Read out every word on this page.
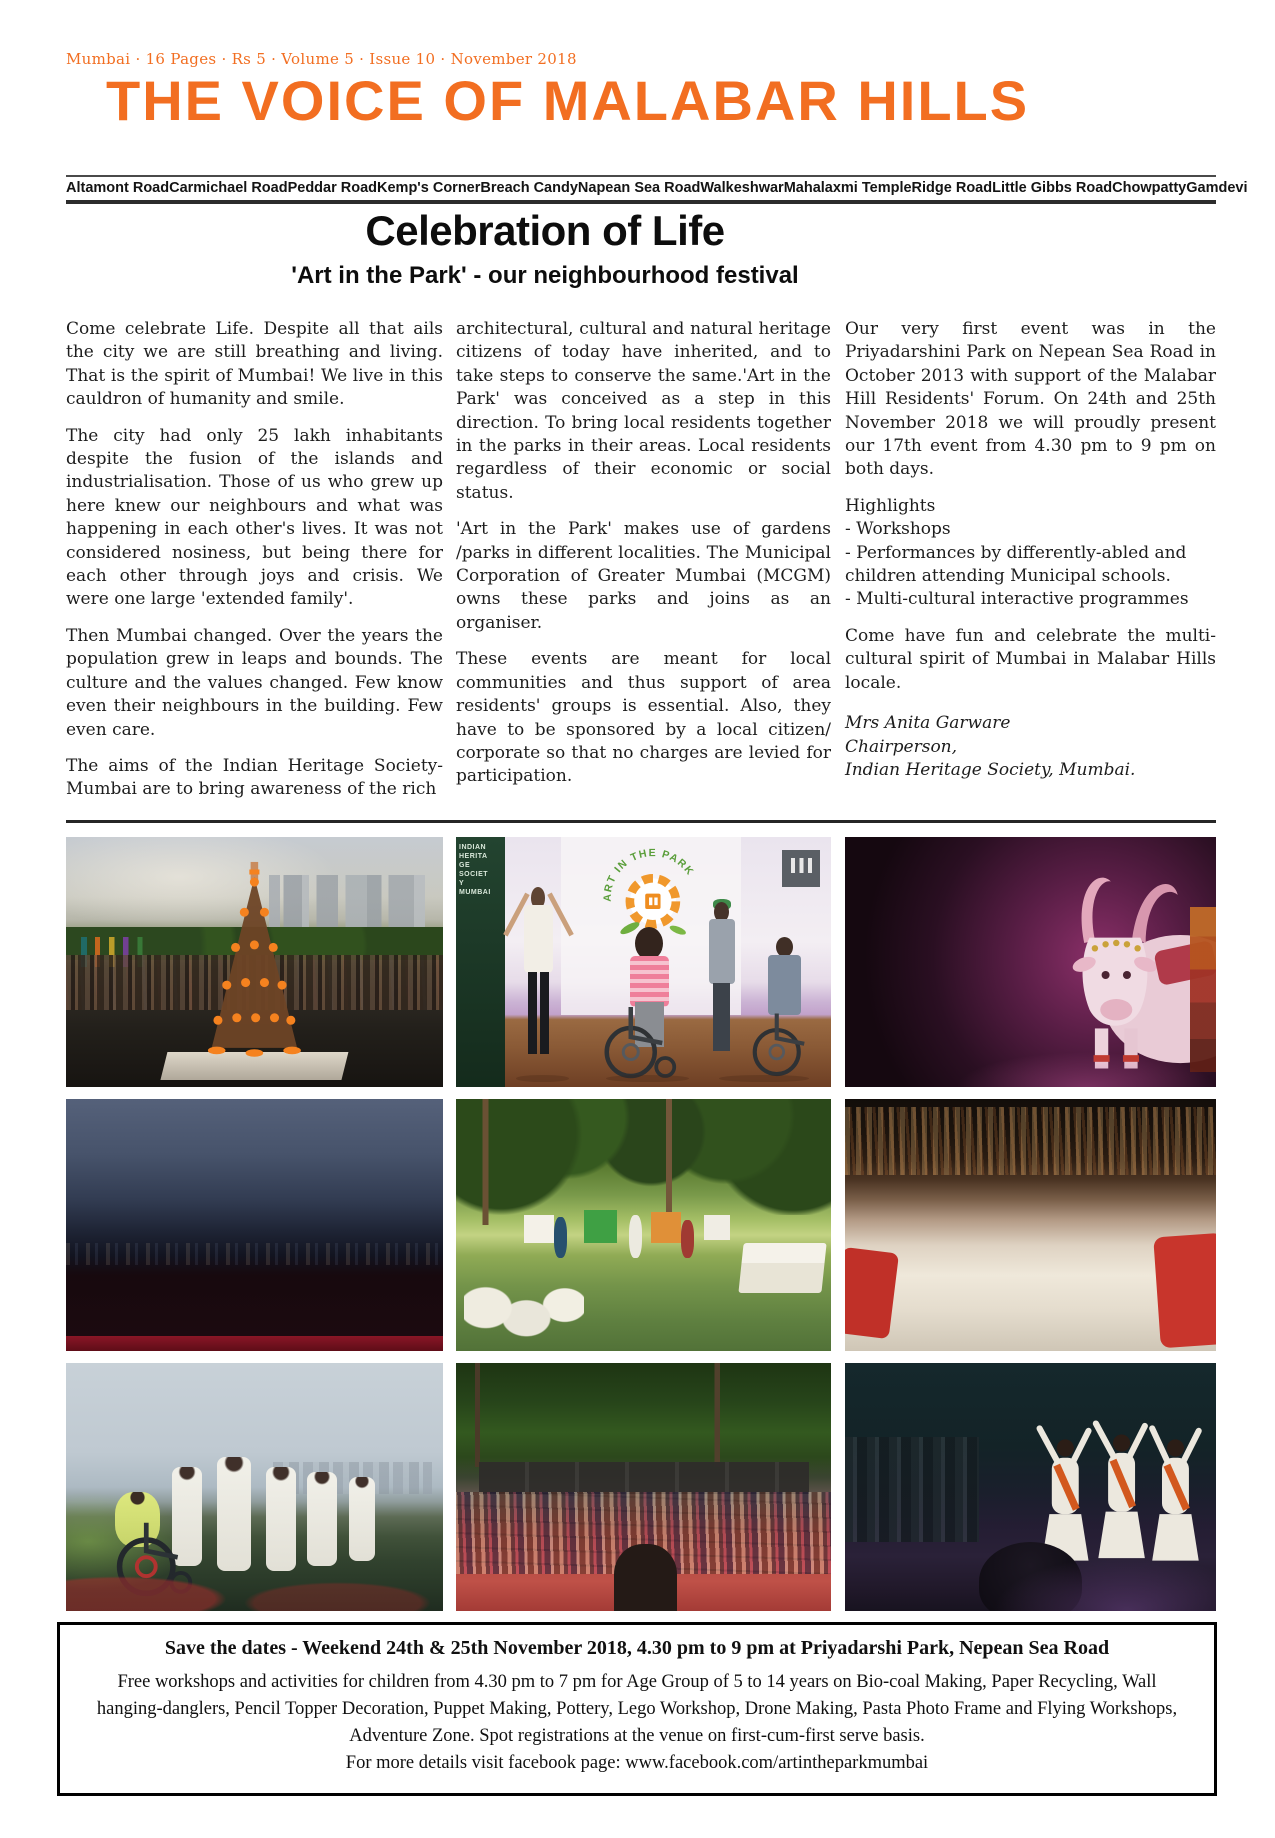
Mumbai · 16 Pages · Rs 5 · Volume 5 · Issue 10 · November 2018
THE VOICE OF MALABAR HILLS
Altamont Road Carmichael Road Peddar Road Kemp's Corner Breach Candy Napean Sea Road Walkeshwar Mahalaxmi Temple Ridge Road Little Gibbs Road Chowpatty Gamdevi
Celebration of Life
'Art in the Park' - our neighbourhood festival

Come celebrate Life. Despite all that ails the city we are still breathing and living. That is the spirit of Mumbai! We live in this cauldron of humanity and smile.

The city had only 25 lakh inhabitants despite the fusion of the islands and industrialisation. Those of us who grew up here knew our neighbours and what was happening in each other's lives. It was not considered nosiness, but being there for each other through joys and crisis. We were one large 'extended family'.

Then Mumbai changed. Over the years the population grew in leaps and bounds. The culture and the values changed. Few know even their neighbours in the building. Few even care.

The aims of the Indian Heritage Society-Mumbai are to bring awareness of the rich

architectural, cultural and natural heritage citizens of today have inherited, and to take steps to conserve the same.'Art in the Park' was conceived as a step in this direction. To bring local residents together in the parks in their areas. Local residents regardless of their economic or social status.

'Art in the Park' makes use of gardens /parks in different localities. The Municipal Corporation of Greater Mumbai (MCGM) owns these parks and joins as an organiser.

These events are meant for local communities and thus support of area residents' groups is essential. Also, they have to be sponsored by a local citizen/ corporate so that no charges are levied for participation.

Our very first event was in the Priyadarshini Park on Nepean Sea Road in October 2013 with support of the Malabar Hill Residents' Forum. On 24th and 25th November 2018 we will proudly present our 17th event from 4.30 pm to 9 pm on both days.

Highlights
- Workshops
- Performances by differently-abled and children attending Municipal schools.
- Multi-cultural interactive programmes

Come have fun and celebrate the multi-cultural spirit of Mumbai in Malabar Hills locale.

Mrs Anita Garware
Chairperson,
Indian Heritage Society, Mumbai.
INDIAN HERITAGE SOCIETY MUMBAI	ART IN THE PARK
Save the dates - Weekend 24th & 25th November 2018, 4.30 pm to 9 pm at Priyadarshi Park, Nepean Sea Road

Free workshops and activities for children from 4.30 pm to 7 pm for Age Group of 5 to 14 years on Bio-coal Making, Paper Recycling, Wall hanging-danglers, Pencil Topper Decoration, Puppet Making, Pottery, Lego Workshop, Drone Making, Pasta Photo Frame and Flying Workshops, Adventure Zone. Spot registrations at the venue on first-cum-first serve basis.

For more details visit facebook page: www.facebook.com/artintheparkmumbai
